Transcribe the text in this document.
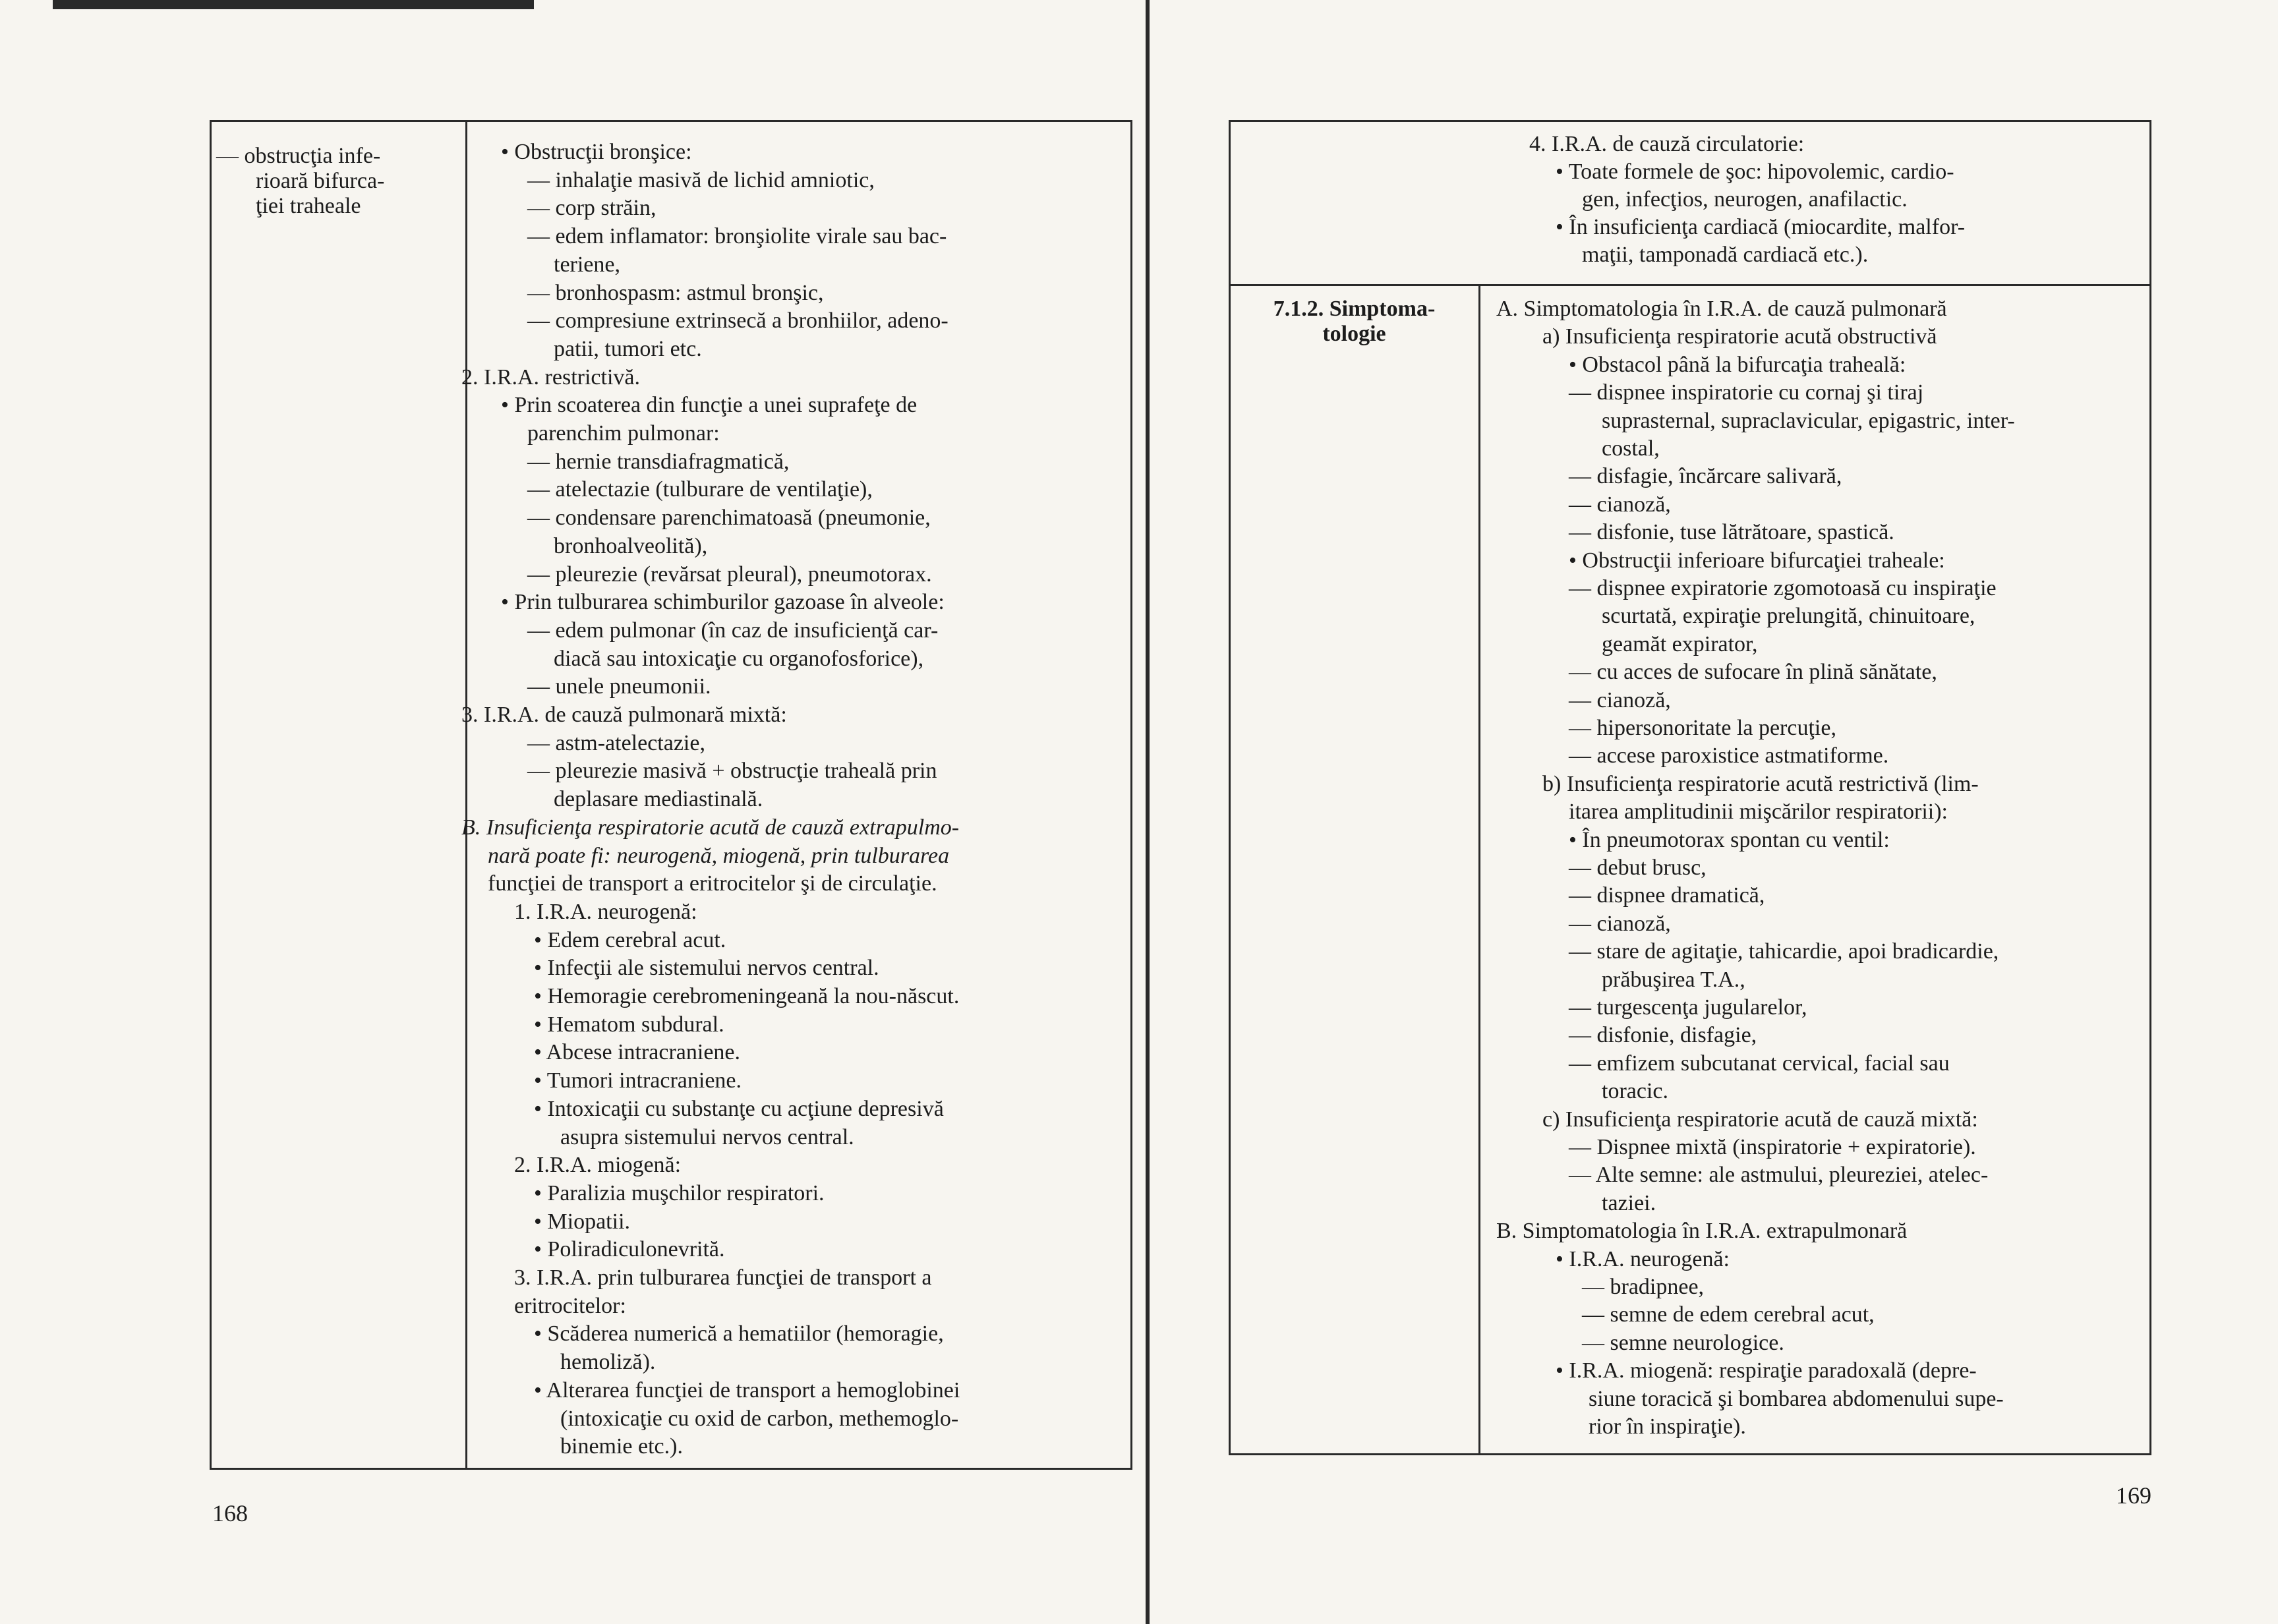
— obstrucţia infe-
rioară bifurca-
ţiei traheale
• Obstrucţii bronşice:
— inhalaţie masivă de lichid amniotic,
— corp străin,
— edem inflamator: bronşiolite virale sau bac-
teriene,
— bronhospasm: astmul bronşic,
— compresiune extrinsecă a bronhiilor, adeno-
patii, tumori etc.
2. I.R.A. restrictivă.
• Prin scoaterea din funcţie a unei suprafeţe de
parenchim pulmonar:
— hernie transdiafragmatică,
— atelectazie (tulburare de ventilaţie),
— condensare parenchimatoasă (pneumonie,
bronhoalveolită),
— pleurezie (revărsat pleural), pneumotorax.
• Prin tulburarea schimburilor gazoase în alveole:
— edem pulmonar (în caz de insuficienţă car-
diacă sau intoxicaţie cu organofosforice),
— unele pneumonii.
3. I.R.A. de cauză pulmonară mixtă:
— astm-atelectazie,
— pleurezie masivă + obstrucţie traheală prin
deplasare mediastinală.
B. Insuficienţa respiratorie acută de cauză extrapulmo-
nară poate fi: neurogenă, miogenă, prin tulburarea
funcţiei de transport a eritrocitelor şi de circulaţie.
1. I.R.A. neurogenă:
• Edem cerebral acut.
• Infecţii ale sistemului nervos central.
• Hemoragie cerebromeningeană la nou-născut.
• Hematom subdural.
• Abcese intracraniene.
• Tumori intracraniene.
• Intoxicaţii cu substanţe cu acţiune depresivă
asupra sistemului nervos central.
2. I.R.A. miogenă:
• Paralizia muşchilor respiratori.
• Miopatii.
• Poliradiculonevrită.
3. I.R.A. prin tulburarea funcţiei de transport a
eritrocitelor:
• Scăderea numerică a hematiilor (hemoragie,
hemoliză).
• Alterarea funcţiei de transport a hemoglobinei
(intoxicaţie cu oxid de carbon, methemoglo-
binemie etc.).
168
4. I.R.A. de cauză circulatorie:
• Toate formele de şoc: hipovolemic, cardio-
gen, infecţios, neurogen, anafilactic.
• În insuficienţa cardiacă (miocardite, malfor-
maţii, tamponadă cardiacă etc.).
7.1.2. Simptoma-
tologie
A. Simptomatologia în I.R.A. de cauză pulmonară
a) Insuficienţa respiratorie acută obstructivă
• Obstacol până la bifurcaţia traheală:
— dispnee inspiratorie cu cornaj şi tiraj
suprasternal, supraclavicular, epigastric, inter-
costal,
— disfagie, încărcare salivară,
— cianoză,
— disfonie, tuse lătrătoare, spastică.
• Obstrucţii inferioare bifurcaţiei traheale:
— dispnee expiratorie zgomotoasă cu inspiraţie
scurtată, expiraţie prelungită, chinuitoare,
geamăt expirator,
— cu acces de sufocare în plină sănătate,
— cianoză,
— hipersonoritate la percuţie,
— accese paroxistice astmatiforme.
b) Insuficienţa respiratorie acută restrictivă (lim-
itarea amplitudinii mişcărilor respiratorii):
• În pneumotorax spontan cu ventil:
— debut brusc,
— dispnee dramatică,
— cianoză,
— stare de agitaţie, tahicardie, apoi bradicardie,
prăbuşirea T.A.,
— turgescenţa jugularelor,
— disfonie, disfagie,
— emfizem subcutanat cervical, facial sau
toracic.
c) Insuficienţa respiratorie acută de cauză mixtă:
— Dispnee mixtă (inspiratorie + expiratorie).
— Alte semne: ale astmului, pleureziei, atelec-
taziei.
B. Simptomatologia în I.R.A. extrapulmonară
• I.R.A. neurogenă:
— bradipnee,
— semne de edem cerebral acut,
— semne neurologice.
• I.R.A. miogenă: respiraţie paradoxală (depre-
siune toracică şi bombarea abdomenului supe-
rior în inspiraţie).
169
